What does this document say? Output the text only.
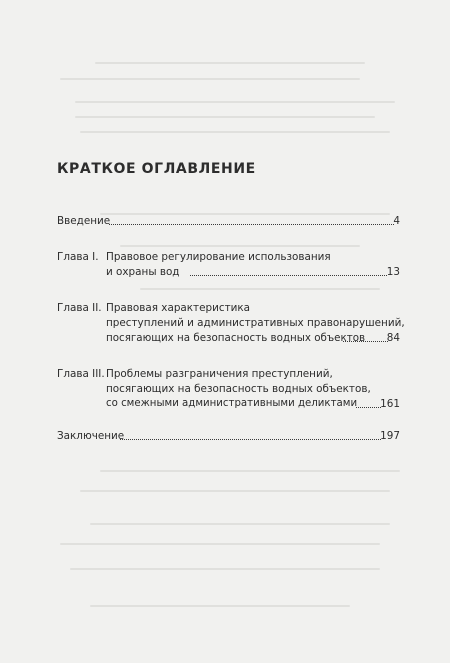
КРАТКОЕ ОГЛАВЛЕНИЕ
Введение	4
Глава I. Правовое регулирование использования
и охраны вод	13
Глава II. Правовая характеристика
преступлений и административных правонарушений,
посягающих на безопасность водных объектов	84
Глава III. Проблемы разграничения преступлений,
посягающих на безопасность водных объектов,
со смежными административными деликтами	161
Заключение	197
